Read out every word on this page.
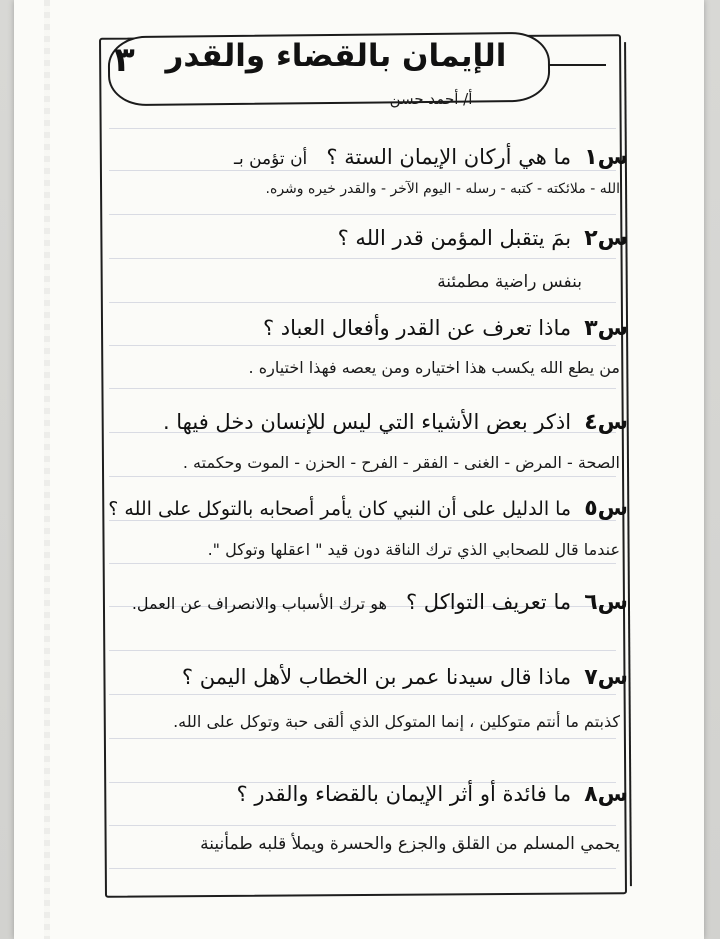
الإيمان بالقضاء والقدر
٣
أ/ أحمد حسن
س١ ما هي أركان الإيمان الستة ؟ أن تؤمن بـ
الله - ملائكته - كتبه - رسله - اليوم الآخر - والقدر خيره وشره.
س٢ بمَ يتقبل المؤمن قدر الله ؟
بنفس راضية مطمئنة
س٣ ماذا تعرف عن القدر وأفعال العباد ؟
من يطع الله يكسب هذا اختياره ومن يعصه فهذا اختياره .
س٤ اذكر بعض الأشياء التي ليس للإنسان دخل فيها .
الصحة - المرض - الغنى - الفقر - الفرح - الحزن - الموت وحكمته .
س٥ ما الدليل على أن النبي كان يأمر أصحابه بالتوكل على الله ؟
عندما قال للصحابي الذي ترك الناقة دون قيد " اعقلها وتوكل ".
س٦ ما تعريف التواكل ؟ هو ترك الأسباب والانصراف عن العمل.
س٧ ماذا قال سيدنا عمر بن الخطاب لأهل اليمن ؟
كذبتم ما أنتم متوكلين ، إنما المتوكل الذي ألقى حبة وتوكل على الله.
س٨ ما فائدة أو أثر الإيمان بالقضاء والقدر ؟
يحمي المسلم من القلق والجزع والحسرة ويملأ قلبه طمأنينة
